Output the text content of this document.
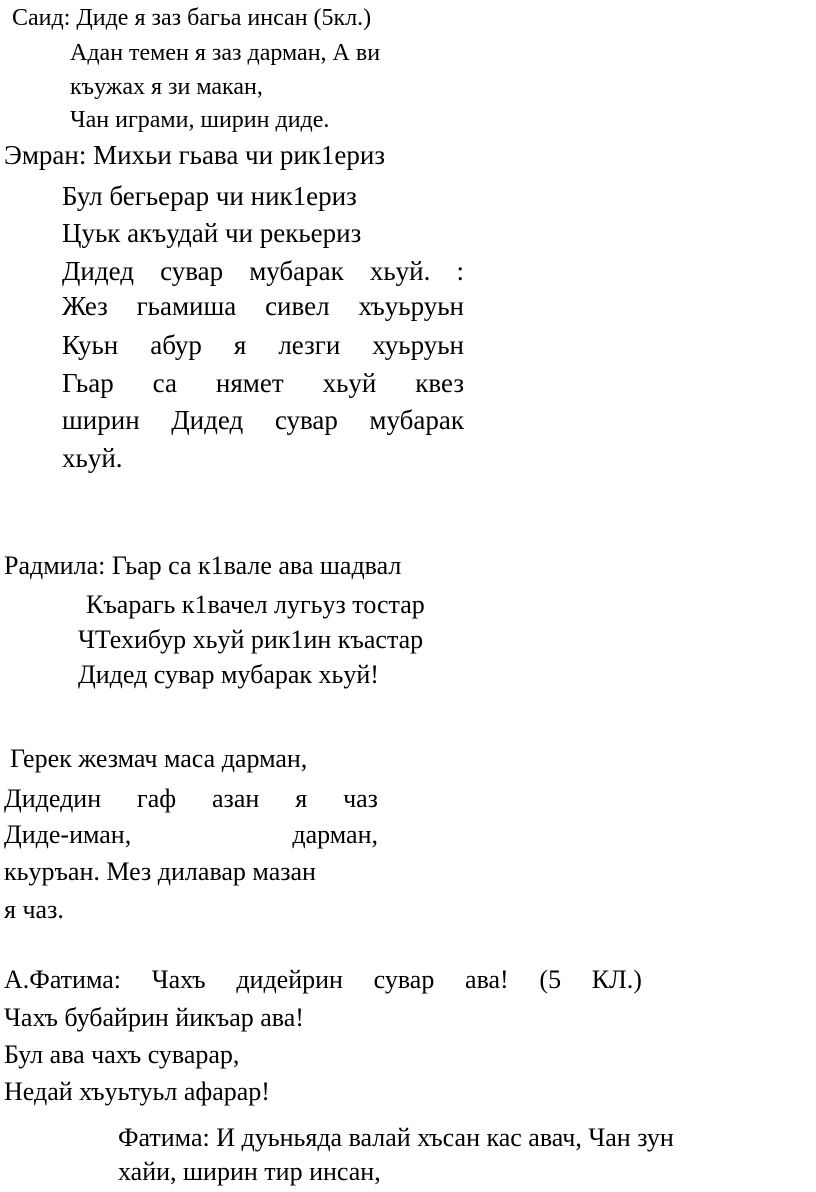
Саид: Диде я заз багьа инсан (5кл.)

Адан темен я заз дарман, А ви

къужах я зи макан,

Чан играми, ширин диде.

Эмран: Михьи гьава чи рик1ериз

Бул бегьерар чи ник1ериз

Цуьк акъудай чи рекьериз

Дидед сувар мубарак хьуй. :
Жез гьамиша сивел хъуьруьн
Куьн абур я лезги хуьруьн
Гьар са нямет хьуй квез
ширин Дидед сувар мубарак

хьуй.

Радмила: Гьар са к1вале ава шадвал

Къарагь к1вачел лугьуз тостар

ЧТехибур хьуй рик1ин къастар

Дидед сувар мубарак хьуй!

Герек жезмач маса дарман,

Дидедин гаф азан я чаз
Диде-иман,	дарман,

кьуръан. Мез дилавар мазан

я чаз.

А.Фатима: Чахъ дидейрин сувар ава! (5 КЛ.)

Чахъ бубайрин йикъар ава!

Бул ава чахъ суварар,

Недай хъуьтуьл афарар!

Фатима: И дуьньяда валай хъсан кас авач, Чан зун

хайи, ширин тир инсан,
